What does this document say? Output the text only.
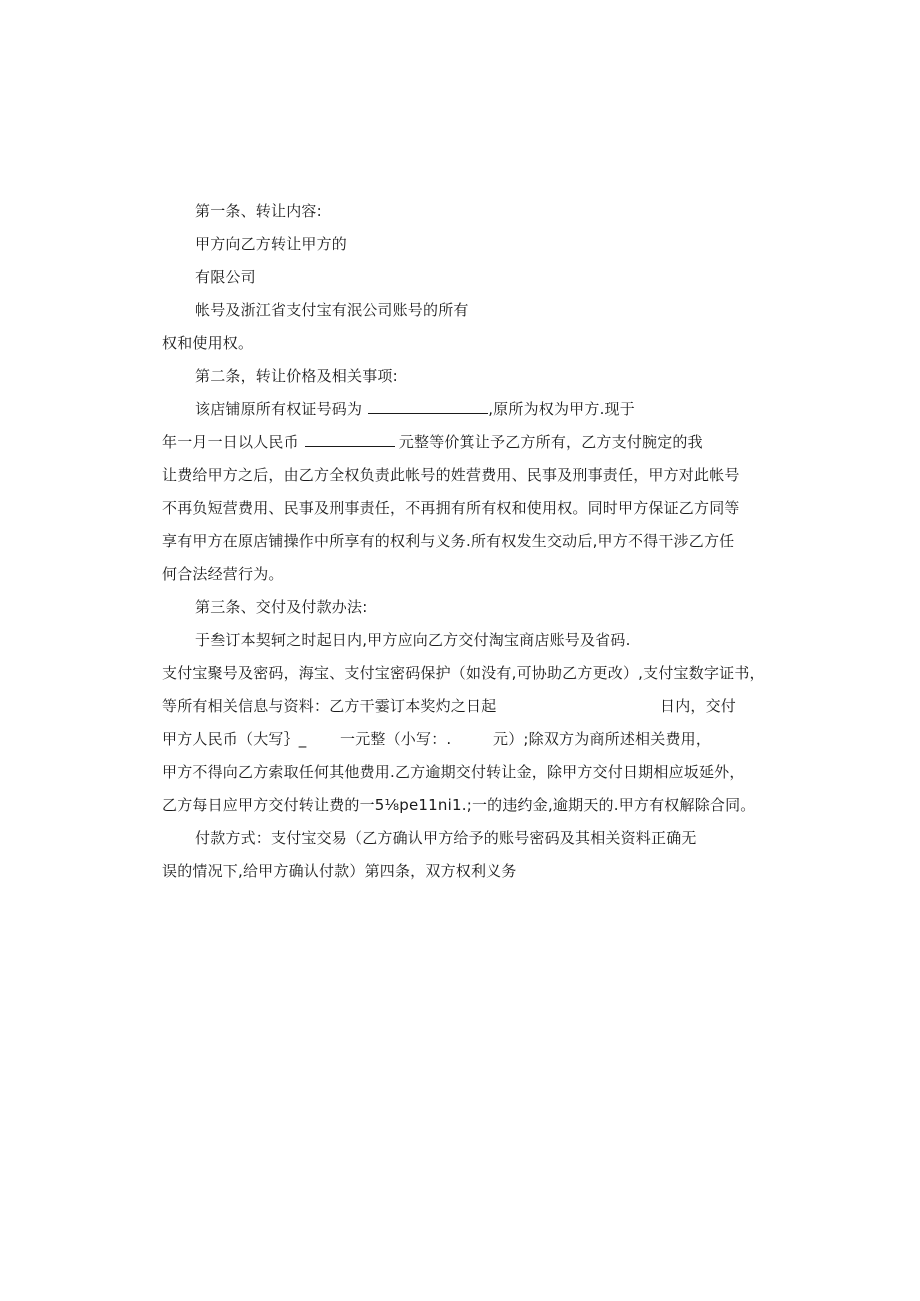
第一条、转让内容:
甲方向乙方转让甲方的
有限公司
帐号及浙江省支付宝有泯公司账号的所有
权和使用权。
第二条，转让价格及相关事项:
该店铺原所有权证号码为	,原所为权为甲方.现于
年一月一日以人民币	元整等价箕让予乙方所有，乙方支付腕定的我
让费给甲方之后，由乙方全权负责此帐号的姓营费用、民事及刑事责任，甲方对此帐号
不再负短营费用、民事及刑事责任，不再拥有所有权和使用权。同时甲方保证乙方同等
享有甲方在原店铺操作中所享有的权利与义务.所有权发生交动后,甲方不得干涉乙方任
何合法经营行为。
第三条、交付及付款办法:
于叁订本契轲之时起日内,甲方应向乙方交付淘宝商店账号及省码.
支付宝聚号及密码，海宝、支付宝密码保护（如没有,可协助乙方更改）,支付宝数字证书，
等所有相关信息与资料：乙方干霎订本奖灼之日起	日内，交付
甲方人民币（大写｝_ 一元整（小写：.	元）;除双方为商所述相关费用，
甲方不得向乙方索取任何其他费用.乙方逾期交付转让金，除甲方交付日期相应坂延外，
乙方每日应甲方交付转让费的一5⅛pe11ni1.;一的违约金,逾期天的.甲方有权解除合同。
付款方式：支付宝交易（乙方确认甲方给予的账号密码及其相关资料正确无
误的情况下,给甲方确认付款）第四条，双方权利义务
